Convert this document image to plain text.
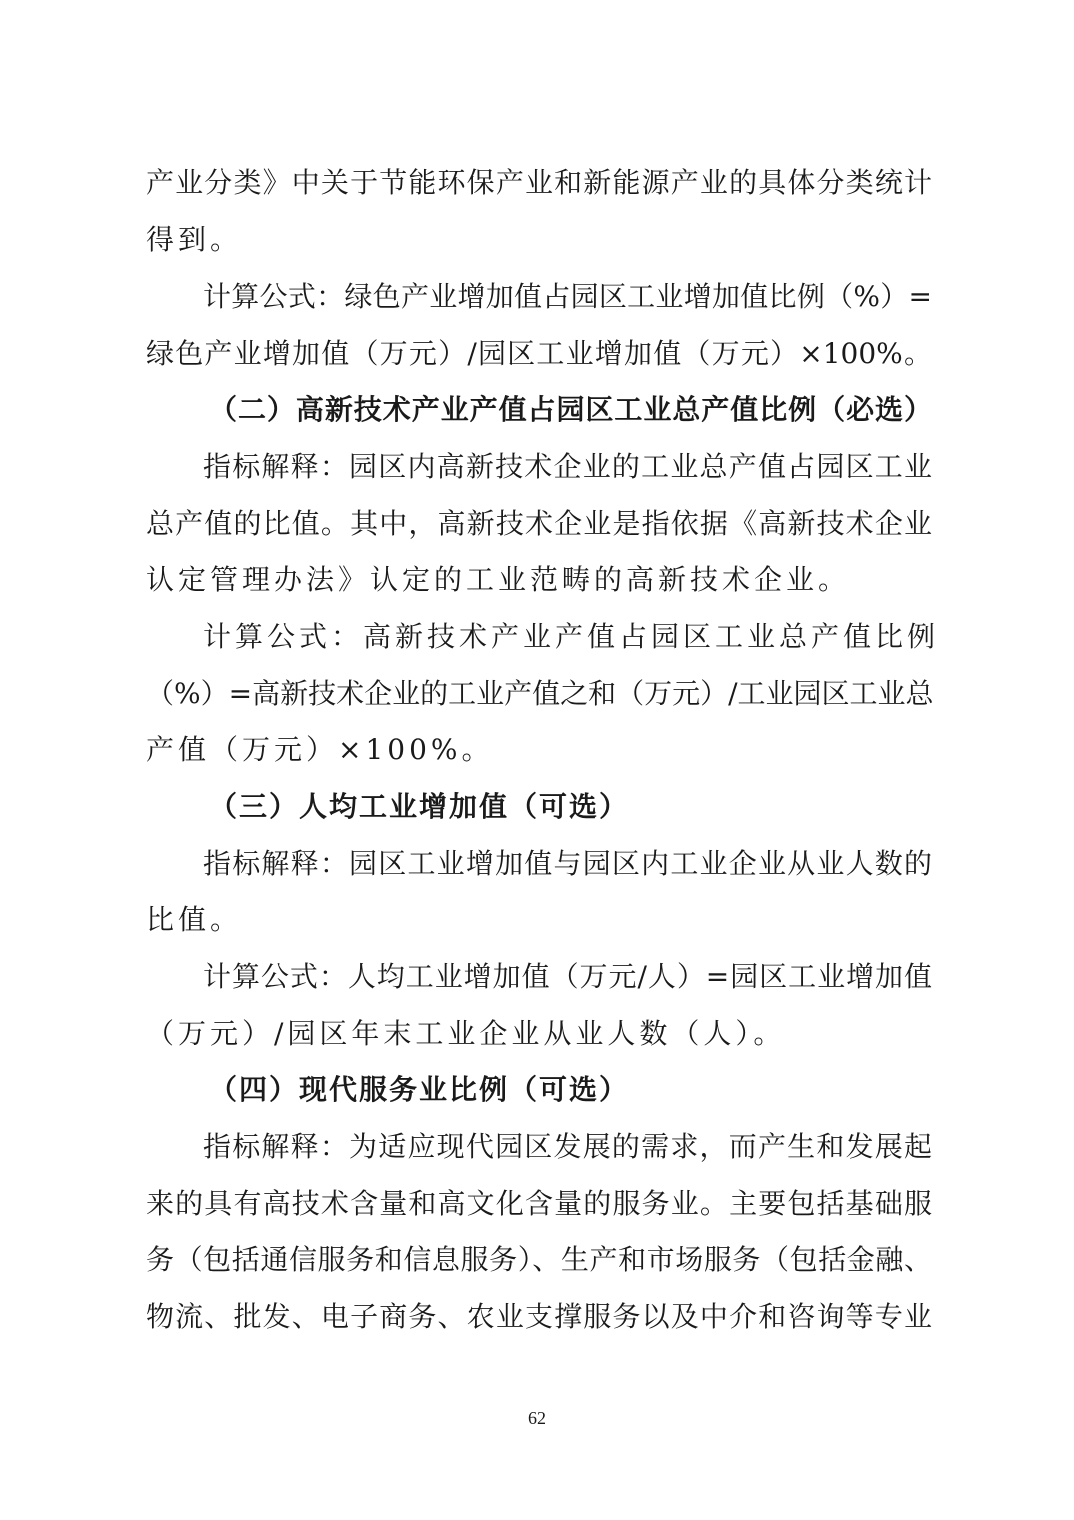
产业分类》中关于节能环保产业和新能源产业的具体分类统计
得到。
计算公式：绿色产业增加值占园区工业增加值比例（%）=
绿色产业增加值（万元）/园区工业增加值（万元）×100%。
（二）高新技术产业产值占园区工业总产值比例（必选）
指标解释：园区内高新技术企业的工业总产值占园区工业
总产值的比值。其中，高新技术企业是指依据《高新技术企业
认定管理办法》认定的工业范畴的高新技术企业。
计算公式：高新技术产业产值占园区工业总产值比例
（%）=高新技术企业的工业产值之和（万元）/工业园区工业总
产值（万元）×100%。
（三）人均工业增加值（可选）
指标解释：园区工业增加值与园区内工业企业从业人数的
比值。
计算公式：人均工业增加值（万元/人）=园区工业增加值
（万元）/园区年末工业企业从业人数（人）。
（四）现代服务业比例（可选）
指标解释：为适应现代园区发展的需求，而产生和发展起
来的具有高技术含量和高文化含量的服务业。主要包括基础服
务（包括通信服务和信息服务）、生产和市场服务（包括金融、
物流、批发、电子商务、农业支撑服务以及中介和咨询等专业
62
